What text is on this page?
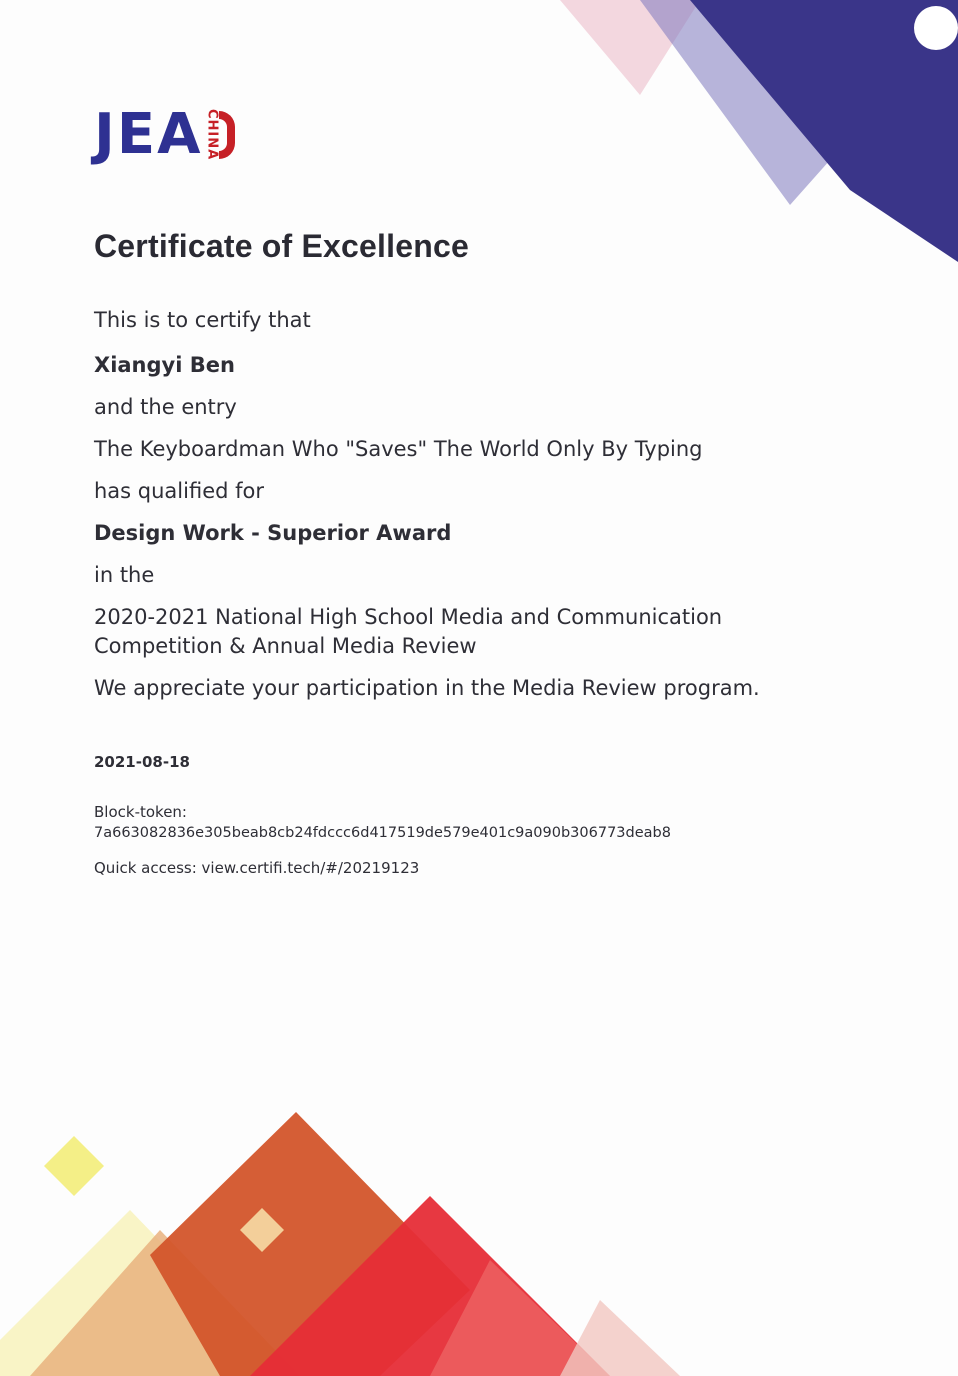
JEA CHINA
Certificate of Excellence

This is to certify that

Xiangyi Ben

and the entry

The Keyboardman Who "Saves" The World Only By Typing

has qualified for

Design Work - Superior Award

in the

2020-2021 National High School Media and Communication

Competition & Annual Media Review

We appreciate your participation in the Media Review program.

2021-08-18

Block-token:

7a663082836e305beab8cb24fdccc6d417519de579e401c9a090b306773deab8

Quick access: view.certifi.tech/#/20219123
